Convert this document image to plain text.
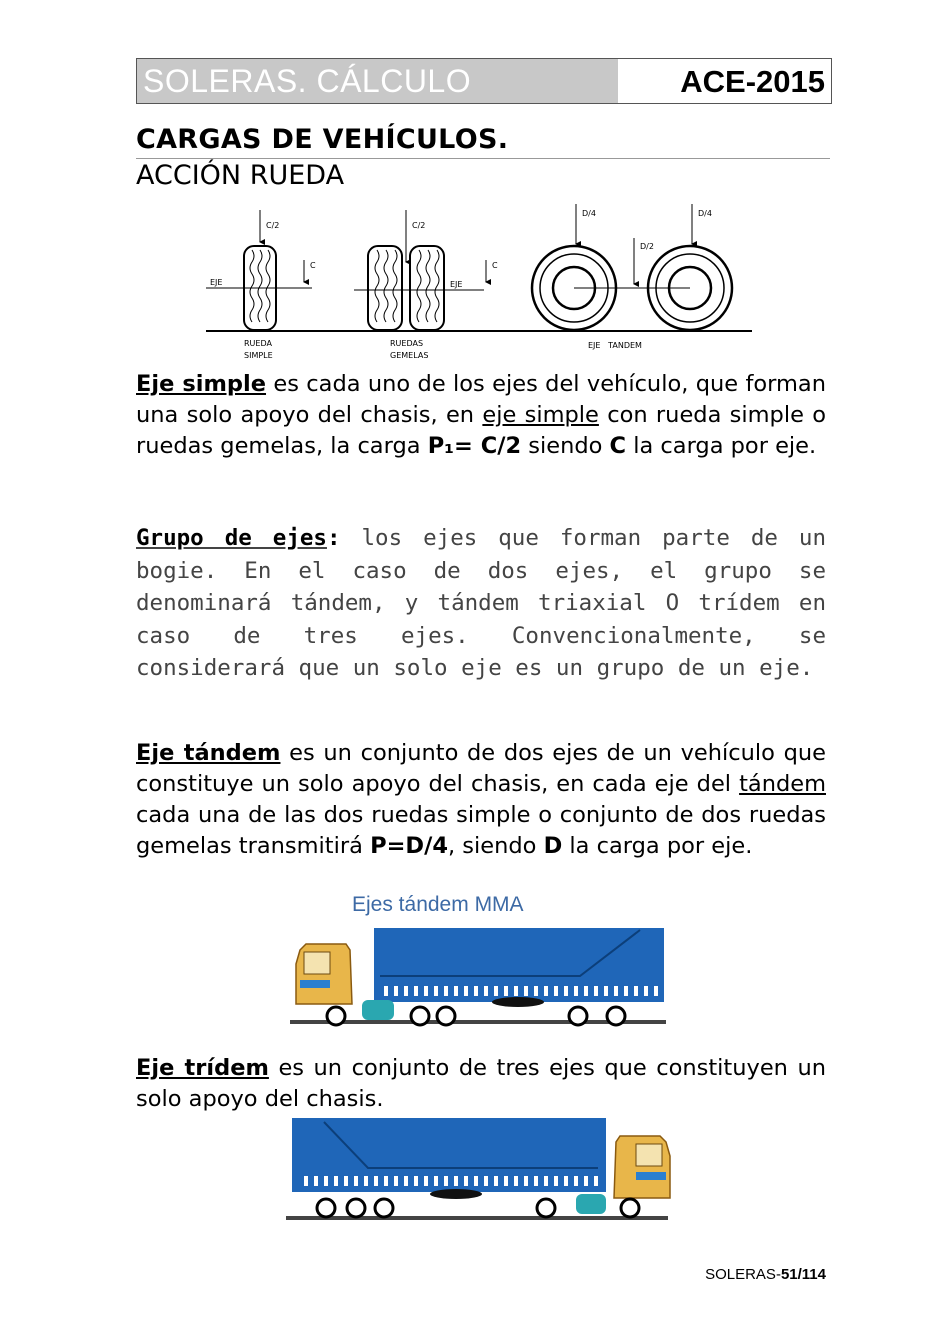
SOLERAS. CÁLCULO	ACE-2015
CARGAS DE VEHÍCULOS.
ACCIÓN RUEDA
C/2
C
EJE
C/2
C
EJE
D/4
D/2
D/4
RUEDA
SIMPLE
RUEDAS
GEMELAS
EJE   TANDEM
Eje simple es cada uno de los ejes del vehículo, que forman una solo apoyo del chasis, en eje simple con rueda simple o ruedas gemelas, la carga P₁= C/2 siendo C la carga por eje.
Grupo de ejes: los ejes que forman parte de un bogie. En el caso de dos ejes, el grupo se denominará tándem, y tándem triaxial O trídem en caso de tres ejes. Convencionalmente, se considerará que un solo eje es un grupo de un eje.
Eje tándem es un conjunto de dos ejes de un vehículo que constituye un solo apoyo del chasis, en cada eje del tándem cada una de las dos ruedas simple o conjunto de dos ruedas gemelas transmitirá P=D/4, siendo D la carga por eje.
Ejes tándem MMA
Eje trídem es un conjunto de tres ejes que constituyen un solo apoyo del chasis.
SOLERAS-51/114
